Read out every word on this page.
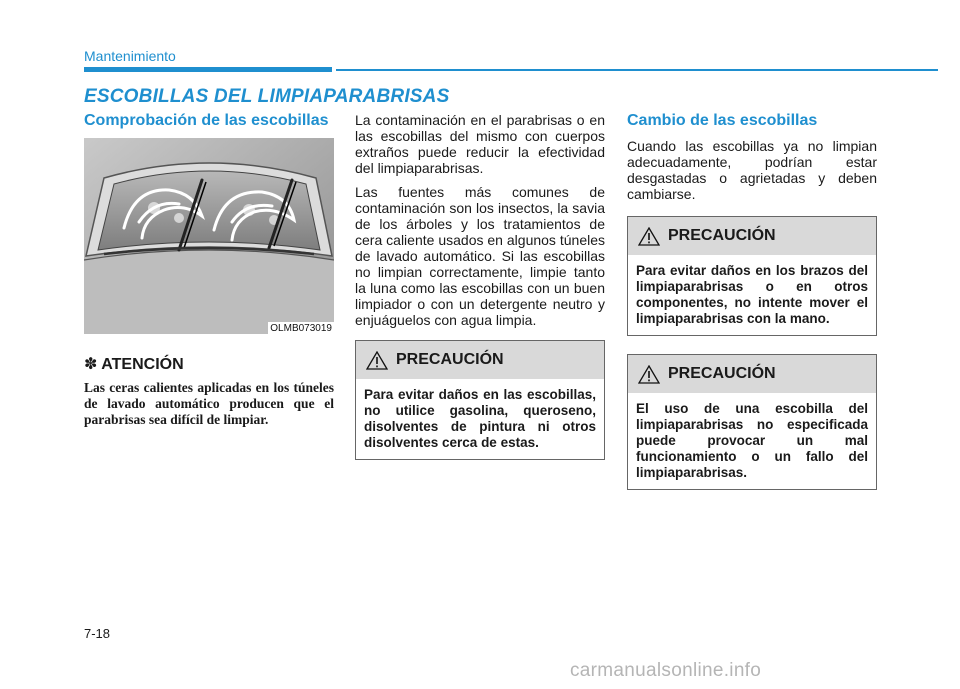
Mantenimiento
ESCOBILLAS DEL LIMPIAPARABRISAS
Comprobación de las escobillas
OLMB073019
✽ ATENCIÓN
Las ceras calientes aplicadas en los túneles de lavado automático producen que el parabrisas sea difícil de limpiar.

La contaminación en el parabrisas o en las escobillas del mismo con cuerpos extraños puede reducir la efectividad del limpiaparabrisas.

Las fuentes más comunes de contaminación son los insectos, la savia de los árboles y los tratamientos de cera caliente usados en algunos túneles de lavado automático. Si las escobillas no limpian correctamente, limpie tanto la luna como las escobillas con un buen limpiador o con un detergente neutro y enjuáguelos con agua limpia.

PRECAUCIÓN
Para evitar daños en las escobillas, no utilice gasolina, queroseno, disolventes de pintura ni otros disolventes cerca de estas.
Cambio de las escobillas

Cuando las escobillas ya no limpian adecuadamente, podrían estar desgastadas o agrietadas y deben cambiarse.

PRECAUCIÓN
Para evitar daños en los brazos del limpiaparabrisas o en otros componentes, no intente mover el limpiaparabrisas con la mano.
PRECAUCIÓN
El uso de una escobilla del limpiaparabrisas no especificada puede provocar un mal funcionamiento o un fallo del limpiaparabrisas.
7-18
carmanualsonline.info
